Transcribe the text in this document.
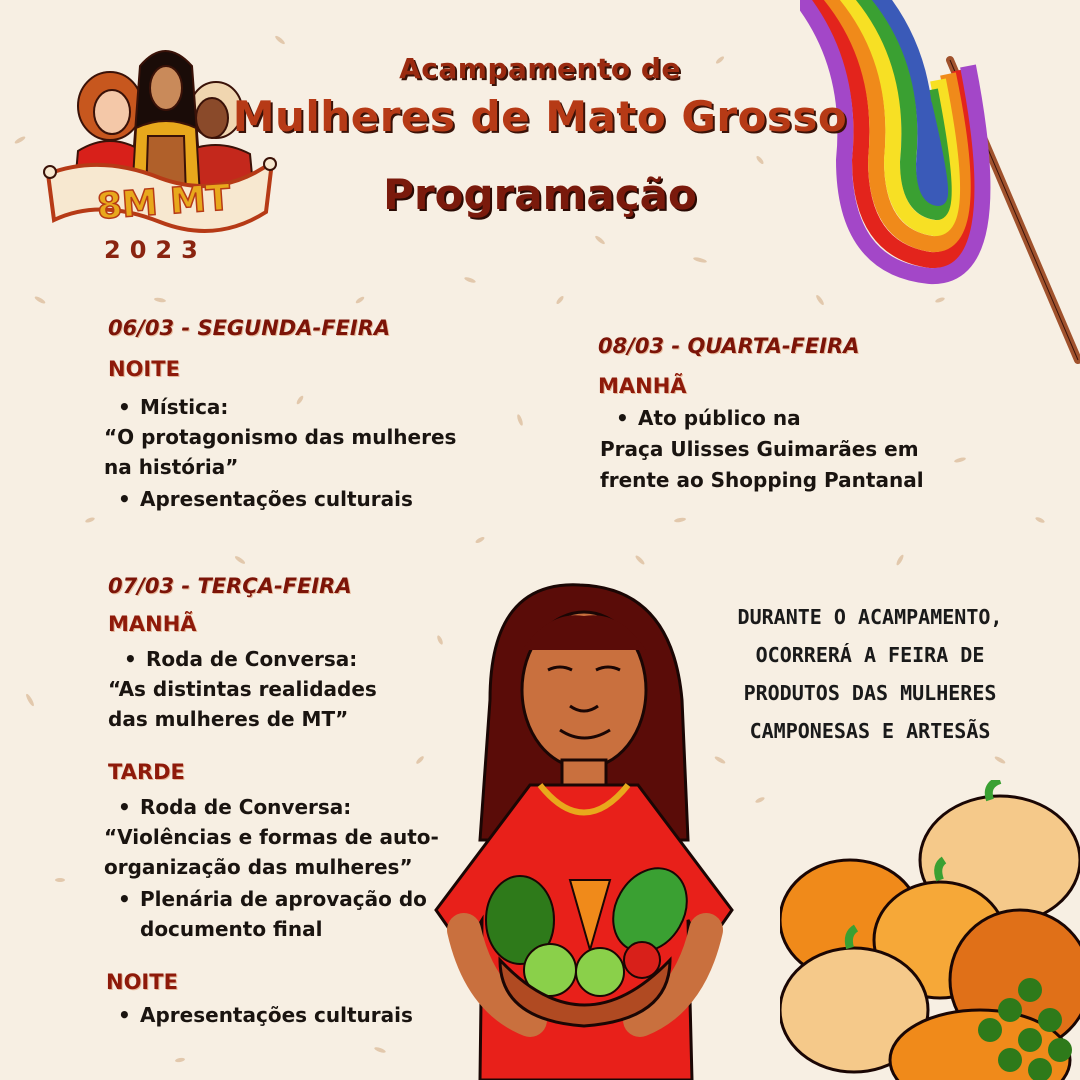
8M MT
2023
Acampamento de
Mulheres de Mato Grosso
Programação
06/03 - SEGUNDA-FEIRA
NOITE
• Mística:
“O protagonismo das mulheres
na história”
• Apresentações culturais
07/03 - TERÇA-FEIRA
MANHÃ
• Roda de Conversa:
“As distintas realidades
das mulheres de MT”
TARDE
• Roda de Conversa:
“Violências e formas de auto-
organização das mulheres”
• Plenária de aprovação do
documento final
NOITE
• Apresentações culturais
08/03 - QUARTA-FEIRA
MANHÃ
• Ato público na
Praça Ulisses Guimarães em
frente ao Shopping Pantanal
DURANTE O ACAMPAMENTO,
OCORRERÁ A FEIRA DE
PRODUTOS DAS MULHERES
CAMPONESAS E ARTESÃS
